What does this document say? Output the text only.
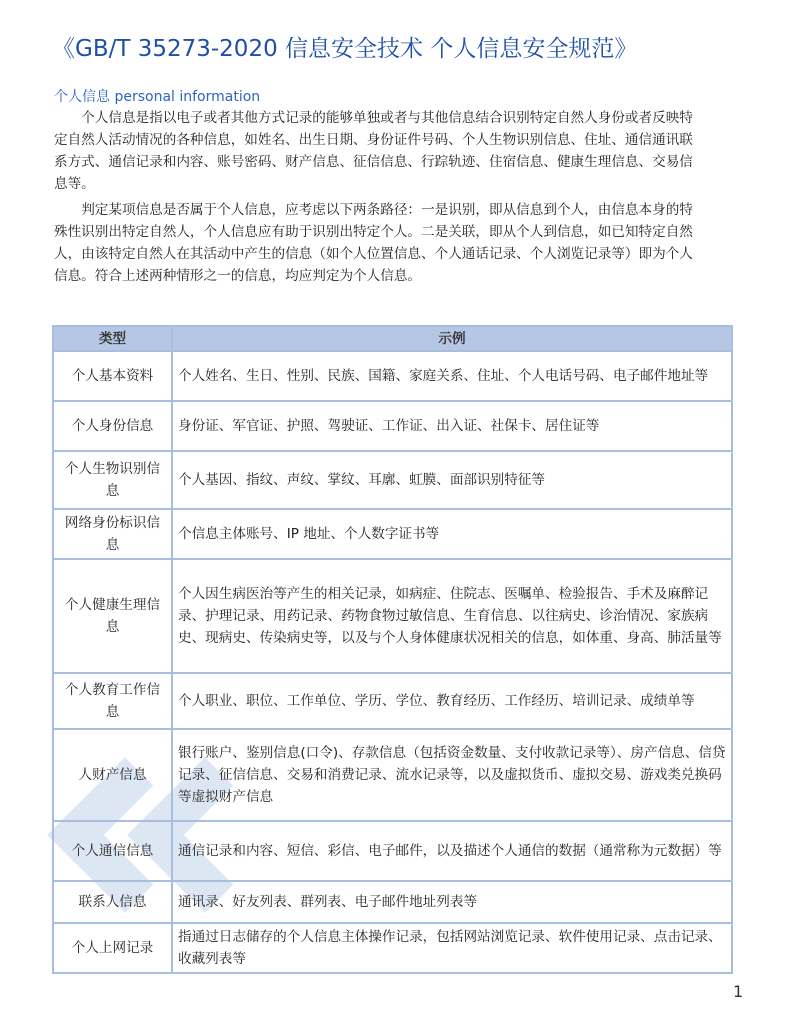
《GB/T 35273-2020 信息安全技术 个人信息安全规范》
个人信息 personal information

个人信息是指以电子或者其他方式记录的能够单独或者与其他信息结合识别特定自然人身份或者反映特定自然人活动情况的各种信息，如姓名、出生日期、身份证件号码、个人生物识别信息、住址、通信通讯联系方式、通信记录和内容、账号密码、财产信息、征信信息、行踪轨迹、住宿信息、健康生理信息、交易信息等。

判定某项信息是否属于个人信息，应考虑以下两条路径：一是识别，即从信息到个人，由信息本身的特殊性识别出特定自然人，个人信息应有助于识别出特定个人。二是关联，即从个人到信息，如已知特定自然人，由该特定自然人在其活动中产生的信息（如个人位置信息、个人通话记录、个人浏览记录等）即为个人信息。符合上述两种情形之一的信息，均应判定为个人信息。

类型	示例
个人基本资料	个人姓名、生日、性别、民族、国籍、家庭关系、住址、个人电话号码、电子邮件地址等
个人身份信息	身份证、军官证、护照、驾驶证、工作证、出入证、社保卡、居住证等
个人生物识别信息	个人基因、指纹、声纹、掌纹、耳廓、虹膜、面部识别特征等
网络身份标识信息	个信息主体账号、IP 地址、个人数字证书等
个人健康生理信息	个人因生病医治等产生的相关记录，如病症、住院志、医嘱单、检验报告、手术及麻醉记录、护理记录、用药记录、药物食物过敏信息、生育信息、以往病史、诊治情况、家族病史、现病史、传染病史等，以及与个人身体健康状况相关的信息，如体重、身高、肺活量等
个人教育工作信息	个人职业、职位、工作单位、学历、学位、教育经历、工作经历、培训记录、成绩单等
人财产信息	银行账户、鉴别信息(口令)、存款信息（包括资金数量、支付收款记录等）、房产信息、信贷记录、征信信息、交易和消费记录、流水记录等，以及虚拟货币、虚拟交易、游戏类兑换码等虚拟财产信息
个人通信信息	通信记录和内容、短信、彩信、电子邮件，以及描述个人通信的数据（通常称为元数据）等
联系人信息	通讯录、好友列表、群列表、电子邮件地址列表等
个人上网记录	指通过日志储存的个人信息主体操作记录，包括网站浏览记录、软件使用记录、点击记录、收藏列表等
1
